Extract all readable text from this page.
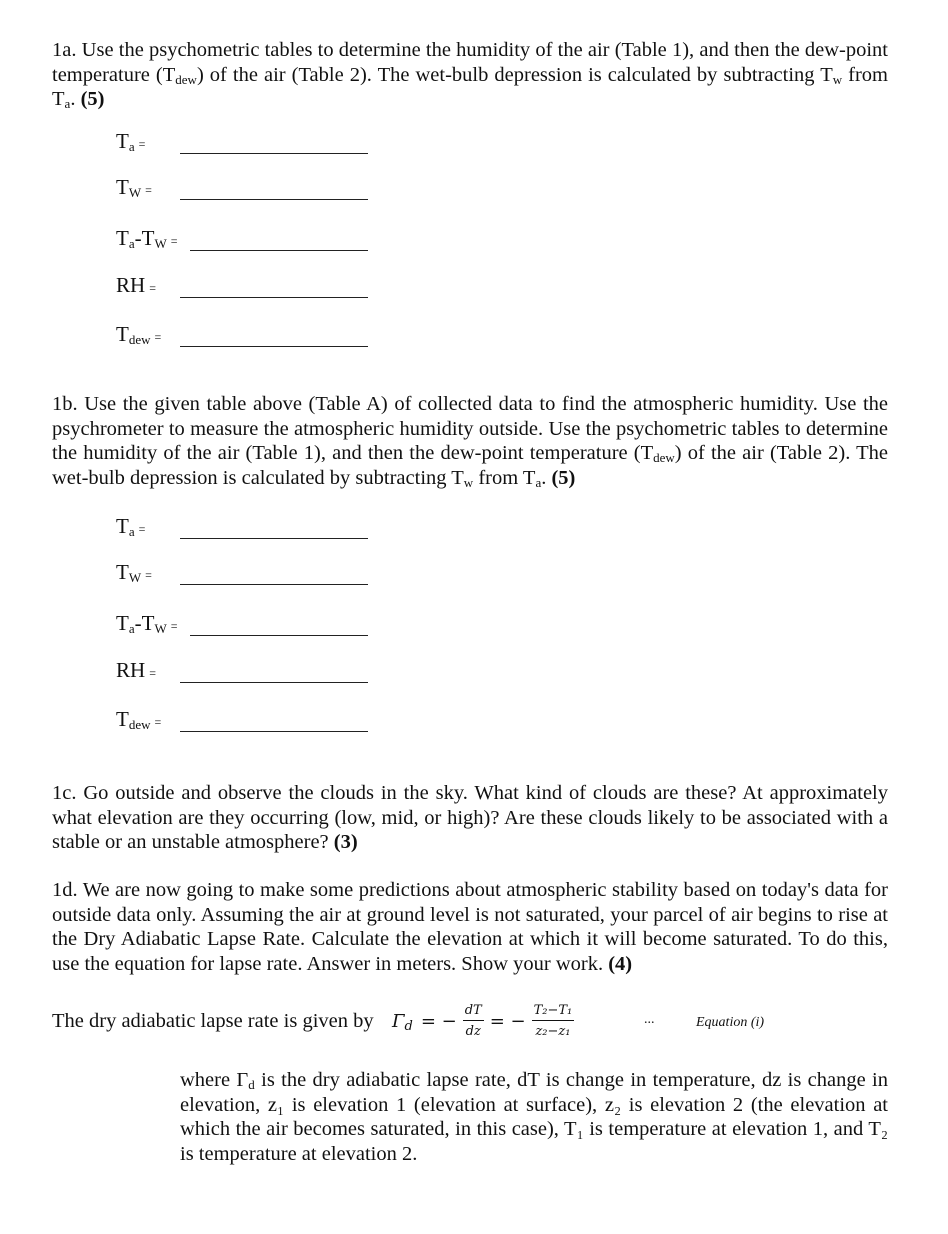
1a. Use the psychometric tables to determine the humidity of the air (Table 1), and then the dew-point temperature $(T_{dew})$ of the air (Table 2). The wet-bulb depression is calculated by subtracting $T_w$ from $T_a$. (5)
$T_a$ =
$T_W$ =
$T_a-T_W$ =
RH =
$T_{dew}$ =
1b. Use the given table above (Table A) of collected data to find the atmospheric humidity. Use the psychrometer to measure the atmospheric humidity outside. Use the psychometric tables to determine the humidity of the air (Table 1), and then the dew-point temperature $(T_{dew})$ of the air (Table 2). The wet-bulb depression is calculated by subtracting $T_w$ from $T_a$. (5)
$T_a$ =
$T_W$ =
$T_a-T_W$ =
RH =
$T_{dew}$ =
1c. Go outside and observe the clouds in the sky. What kind of clouds are these? At approximately what elevation are they occurring (low, mid, or high)? Are these clouds likely to be associated with a stable or an unstable atmosphere? (3)
1d. We are now going to make some predictions about atmospheric stability based on today's data for outside data only. Assuming the air at ground level is not saturated, your parcel of air begins to rise at the Dry Adiabatic Lapse Rate. Calculate the elevation at which it will become saturated. To do this, use the equation for lapse rate. Answer in meters. Show your work. (4)
The dry adiabatic lapse rate is given by $\Gamma_d$ = − $\frac{dT}{dz}$ = − $\frac{\text{T₂−T₁}}{\text{z₂−z₁}}$	...	Equation (i)
where $\Gamma_d$ is the dry adiabatic lapse rate, dT is change in temperature, dz is change in elevation, z₁ is elevation 1 (elevation at surface), z₂ is elevation 2 (the elevation at which the air becomes saturated, in this case), T₁ is temperature at elevation 1, and T₂ is temperature at elevation 2.
